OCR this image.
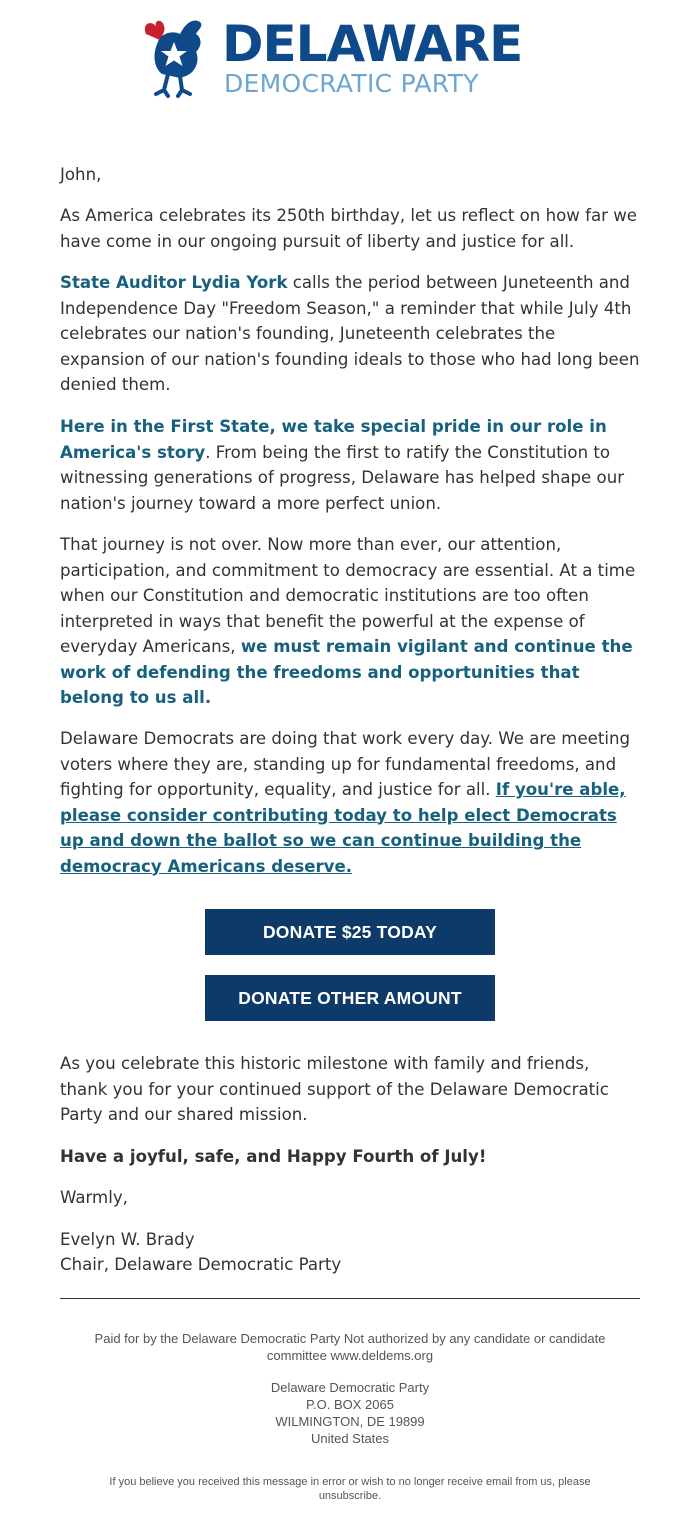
DELAWARE
DEMOCRATIC PARTY

John,

As America celebrates its 250th birthday, let us reflect on how far we have come in our ongoing pursuit of liberty and justice for all.

State Auditor Lydia York calls the period between Juneteenth and Independence Day "Freedom Season," a reminder that while July 4th celebrates our nation's founding, Juneteenth celebrates the expansion of our nation's founding ideals to those who had long been denied them.

Here in the First State, we take special pride in our role in America's story. From being the first to ratify the Constitution to witnessing generations of progress, Delaware has helped shape our nation's journey toward a more perfect union.

That journey is not over. Now more than ever, our attention, participation, and commitment to democracy are essential. At a time when our Constitution and democratic institutions are too often interpreted in ways that benefit the powerful at the expense of everyday Americans, we must remain vigilant and continue the work of defending the freedoms and opportunities that belong to us all.

Delaware Democrats are doing that work every day. We are meeting voters where they are, standing up for fundamental freedoms, and fighting for opportunity, equality, and justice for all. If you're able, please consider contributing today to help elect Democrats up and down the ballot so we can continue building the democracy Americans deserve.

DONATE $25 TODAY
DONATE OTHER AMOUNT

As you celebrate this historic milestone with family and friends, thank you for your continued support of the Delaware Democratic Party and our shared mission.

Have a joyful, safe, and Happy Fourth of July!

Warmly,

Evelyn W. Brady

Chair, Delaware Democratic Party

Paid for by the Delaware Democratic Party Not authorized by any candidate or candidate committee www.deldems.org
Delaware Democratic Party
P.O. BOX 2065
WILMINGTON, DE 19899
United States
If you believe you received this message in error or wish to no longer receive email from us, please unsubscribe.
